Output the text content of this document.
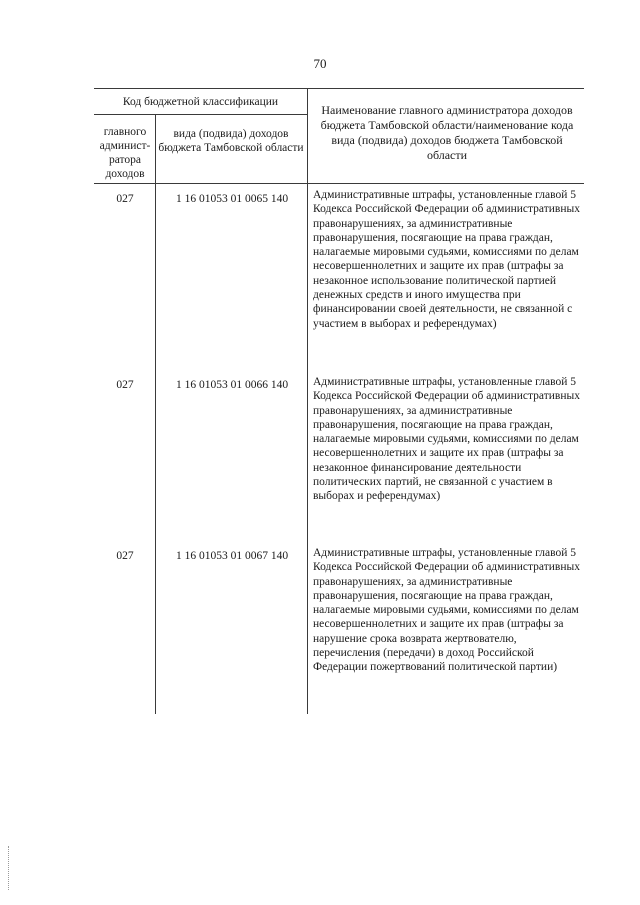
70
Код бюджетной классификации
главного админист-ратора доходов
вида (подвида) доходов бюджета Тамбовской области
Наименование главного администратора доходов бюджета Тамбовской области/наименование кода вида (подвида) доходов бюджета Тамбовской области
027	1 16 01053 01 0065 140	Административные штрафы, установленные главой 5 Кодекса Российской Федерации об административных правонарушениях, за административные правонарушения, посягающие на права граждан, налагаемые мировыми судьями, комиссиями по делам несовершеннолетних и защите их прав (штрафы за незаконное использование политической партией денежных средств и иного имущества при финансировании своей деятельности, не связанной с участием в выборах и референдумах)
027	1 16 01053 01 0066 140	Административные штрафы, установленные главой 5 Кодекса Российской Федерации об административных правонарушениях, за административные правонарушения, посягающие на права граждан, налагаемые мировыми судьями, комиссиями по делам несовершеннолетних и защите их прав (штрафы за незаконное финансирование деятельности политических партий, не связанной с участием в выборах и референдумах)
027	1 16 01053 01 0067 140	Административные штрафы, установленные главой 5 Кодекса Российской Федерации об административных правонарушениях, за административные правонарушения, посягающие на права граждан, налагаемые мировыми судьями, комиссиями по делам несовершеннолетних и защите их прав (штрафы за нарушение срока возврата жертвователю, перечисления (передачи) в доход Российской Федерации пожертвований политической партии)
